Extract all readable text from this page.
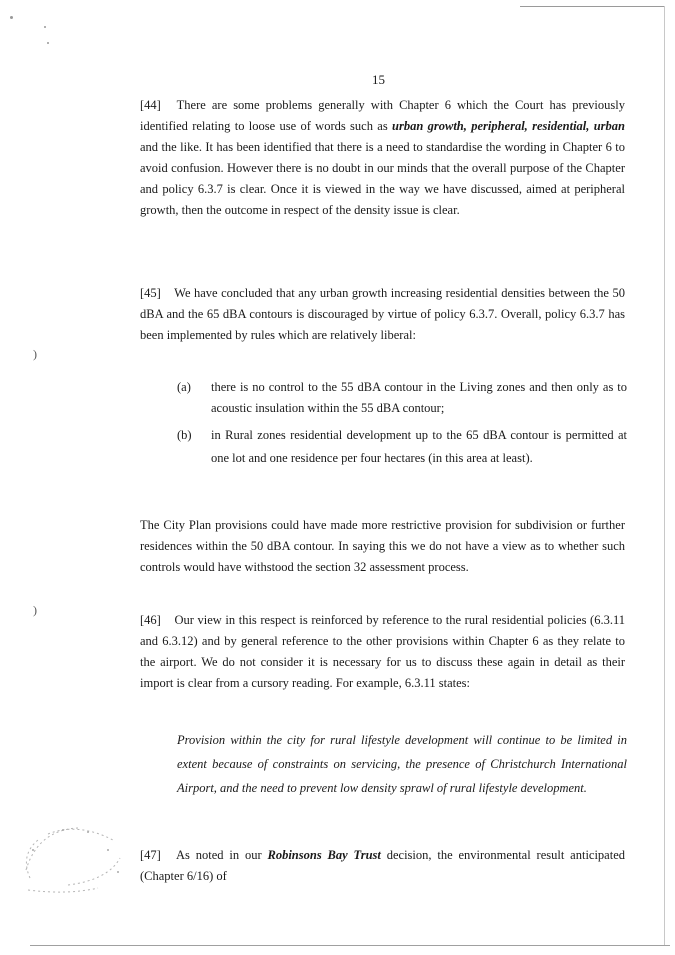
)
)
15
[44] There are some problems generally with Chapter 6 which the Court has previously identified relating to loose use of words such as urban growth, peripheral, residential, urban and the like. It has been identified that there is a need to standardise the wording in Chapter 6 to avoid confusion. However there is no doubt in our minds that the overall purpose of the Chapter and policy 6.3.7 is clear. Once it is viewed in the way we have discussed, aimed at peripheral growth, then the outcome in respect of the density issue is clear.
[45] We have concluded that any urban growth increasing residential densities between the 50 dBA and the 65 dBA contours is discouraged by virtue of policy 6.3.7. Overall, policy 6.3.7 has been implemented by rules which are relatively liberal:
(a)	there is no control to the 55 dBA contour in the Living zones and then only as to acoustic insulation within the 55 dBA contour;
(b)	in Rural zones residential development up to the 65 dBA contour is permitted at one lot and one residence per four hectares (in this area at least).
The City Plan provisions could have made more restrictive provision for subdivision or further residences within the 50 dBA contour. In saying this we do not have a view as to whether such controls would have withstood the section 32 assessment process.
[46] Our view in this respect is reinforced by reference to the rural residential policies (6.3.11 and 6.3.12) and by general reference to the other provisions within Chapter 6 as they relate to the airport. We do not consider it is necessary for us to discuss these again in detail as their import is clear from a cursory reading. For example, 6.3.11 states:
Provision within the city for rural lifestyle development will continue to be limited in extent because of constraints on servicing, the presence of Christchurch International Airport, and the need to prevent low density sprawl of rural lifestyle development.
[47] As noted in our Robinsons Bay Trust decision, the environmental result anticipated (Chapter 6/16) of
